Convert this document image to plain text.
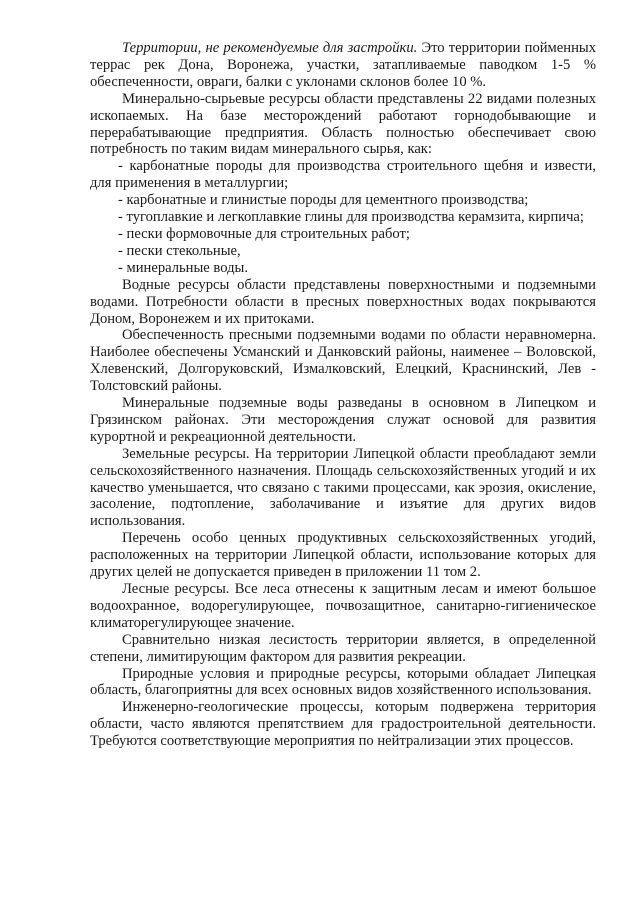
Территории, не рекомендуемые для застройки. Это территории пойменных террас рек Дона, Воронежа, участки, затапливаемые паводком 1-5 % обеспеченности, овраги, балки с уклонами склонов более 10 %.

Минерально-сырьевые ресурсы области представлены 22 видами полезных ископаемых. На базе месторождений работают горнодобывающие и перерабатывающие предприятия. Область полностью обеспечивает свою потребность по таким видам минерального сырья, как:

- карбонатные породы для производства строительного щебня и извести, для применения в металлургии;

- карбонатные и глинистые породы для цементного производства;

- тугоплавкие и легкоплавкие глины для производства керамзита, кирпича;

- пески формовочные для строительных работ;

- пески стекольные,

- минеральные воды.

Водные ресурсы области представлены поверхностными и подземными водами. Потребности области в пресных поверхностных водах покрываются Доном, Воронежем и их притоками.

Обеспеченность пресными подземными водами по области неравномерна. Наиболее обеспечены Усманский и Данковский районы, наименее – Воловской, Хлевенский, Долгоруковский, Измалковский, Елецкий, Краснинский, Лев - Толстовский районы.

Минеральные подземные воды разведаны в основном в Липецком и Грязинском районах. Эти месторождения служат основой для развития курортной и рекреационной деятельности.

Земельные ресурсы. На территории Липецкой области преобладают земли сельскохозяйственного назначения. Площадь сельскохозяйственных угодий и их качество уменьшается, что связано с такими процессами, как эрозия, окисление, засоление, подтопление, заболачивание и изъятие для других видов использования.

Перечень особо ценных продуктивных сельскохозяйственных угодий, расположенных на территории Липецкой области, использование которых для других целей не допускается приведен в приложении 11 том 2.

Лесные ресурсы. Все леса отнесены к защитным лесам и имеют большое водоохранное, водорегулирующее, почвозащитное, санитарно-гигиеническое климаторегулирующее значение.

Сравнительно низкая лесистость территории является, в определенной степени, лимитирующим фактором для развития рекреации.

Природные условия и природные ресурсы, которыми обладает Липецкая область, благоприятны для всех основных видов хозяйственного использования.

Инженерно-геологические процессы, которым подвержена территория области, часто являются препятствием для градостроительной деятельности. Требуются соответствующие мероприятия по нейтрализации этих процессов.
